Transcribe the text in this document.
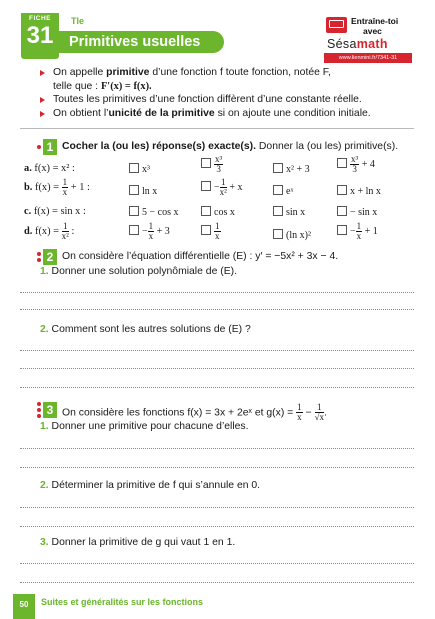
FICHE
31
Tle
Primitives usuelles
Entraîne-toi
avec
Sésamath
www.lienmini.fr/7341-31
On appelle primitive d’une fonction f toute fonction, notée F,
telle que : F′(x) = f(x).
Toutes les primitives d’une fonction diffèrent d’une constante réelle.
On obtient l’unicité de la primitive si on ajoute une condition initiale.
1 Cocher la (ou les) réponse(s) exacte(s). Donner la (ou les) primitive(s).
a. f(x) = x² :	x³	$\frac{\text{x³}}{3}$	x² + 3	$\frac{\text{x³}}{3} + 4$
b. $f(x) = \frac{1}{x} + 1$ :	ln x	− $\frac{1}{\text{x²}} + x$	eˣ	x + ln x
c. f(x) = sin x :	5 − cos x	cos x	sin x	− sin x
d. $f(x) = \frac{1}{\text{x²}}$ :	− $\frac{1}{x} + 3$	$\frac{1}{x}$	(ln x)²	− $\frac{1}{x} + 1$
2 On considère l’équation différentielle (E) : y′ = −5x² + 3x − 4.
1. Donner une solution polynômiale de (E).
2. Comment sont les autres solutions de (E) ?
3 On considère les fonctions f(x) = 3x + 2eˣ et $g(x) = \frac{1}{x} - \frac{1}{√x}$ .
1. Donner une primitive pour chacune d’elles.
2. Déterminer la primitive de f qui s’annule en 0.
3. Donner la primitive de g qui vaut 1 en 1.
50	Suites et généralités sur les fonctions
